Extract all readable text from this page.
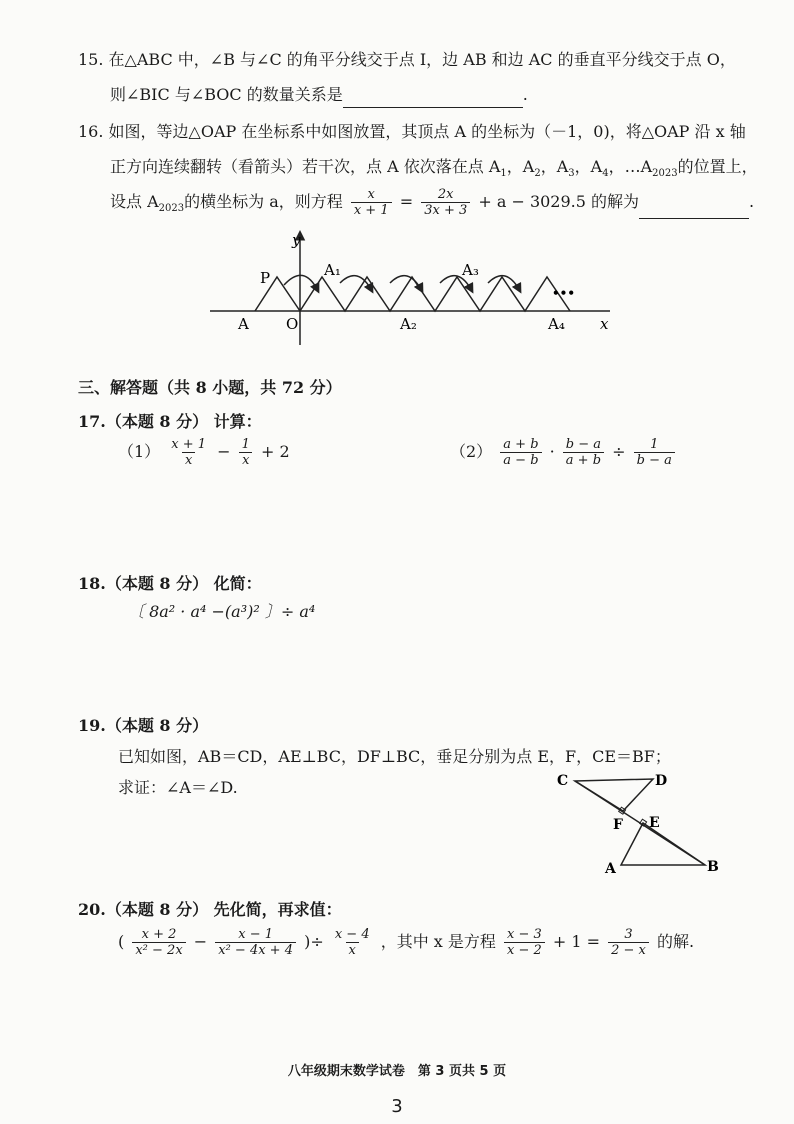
15. 在△ABC 中，∠B 与∠C 的角平分线交于点 I，边 AB 和边 AC 的垂直平分线交于点 O，
则∠BIC 与∠BOC 的数量关系是	.
16. 如图，等边△OAP 在坐标系中如图放置，其顶点 A 的坐标为（－1，0)，将△OAP 沿 x 轴
正方向连续翻转（看箭头）若干次，点 A 依次落在点 $A_1$，$A_2$，$A_3$，$A_4$，$\dots A_{2023}$的位置上，
设点 $A_{2023}$的横坐标为 a，则方程 $\frac{x}{x + 1} = \frac{2x}{3x + 3} + a - 3029.5$ 的解为	.
y
x
A O
P	A₁
A₂
A₃
A₄
•••
三、解答题（共 8 小题，共 72 分）
17.（本题 8 分） 计算：
$(1) \frac{x + 1}{x} - \frac{1}{x} + 2$	$(2) \frac{a + b}{a - b} \cdot \frac{b - a}{a + b} \div \frac{1}{b - a}$
18.（本题 8 分） 化简：
〔 8a² · a⁴ −(a³)² 〕÷ a⁴
19.（本题 8 分）
已知如图，AB＝CD，AE⊥BC，DF⊥BC，垂足分别为点 E，F，CE＝BF；
求证：∠A＝∠D.	C	D
F E
A	B
20.（本题 8 分） 先化简，再求值：
( $\frac{x + 2}{\text{x² − 2x}} - \frac{x - 1}{\text{x² − 4x + 4}}$ )÷ $\frac{x - 4}{x}$ ，其中 x 是方程 $\frac{x - 3}{x - 2} + 1 = \frac{3}{2 - x}$ 的解.
八年级期末数学试卷　第 3 页共 5 页
3
